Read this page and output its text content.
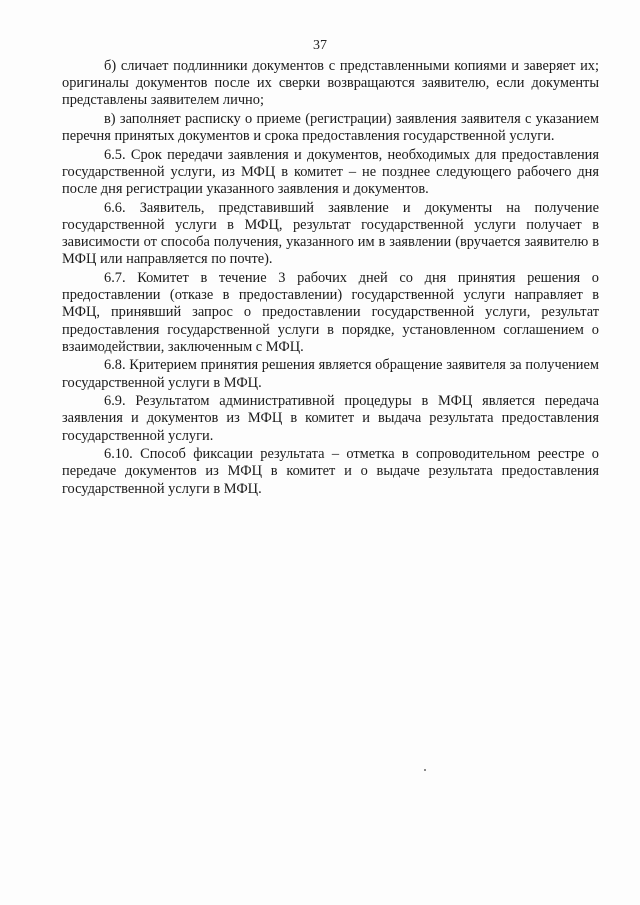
37

б) сличает подлинники документов с представленными копиями и заверяет их; оригиналы документов после их сверки возвращаются заявителю, если документы представлены заявителем лично;

в) заполняет расписку о приеме (регистрации) заявления заявителя с указанием перечня принятых документов и срока предоставления государственной услуги.

6.5. Срок передачи заявления и документов, необходимых для предоставления государственной услуги, из МФЦ в комитет – не позднее следующего рабочего дня после дня регистрации указанного заявления и документов.

6.6. Заявитель, представивший заявление и документы на получение государственной услуги в МФЦ, результат государственной услуги получает в зависимости от способа получения, указанного им в заявлении (вручается заявителю в МФЦ или направляется по почте).

6.7. Комитет в течение 3 рабочих дней со дня принятия решения о предоставлении (отказе в предоставлении) государственной услуги направляет в МФЦ, принявший запрос о предоставлении государственной услуги, результат предоставления государственной услуги в порядке, установленном соглашением о взаимодействии, заключенным с МФЦ.

6.8. Критерием принятия решения является обращение заявителя за получением государственной услуги в МФЦ.

6.9. Результатом административной процедуры в МФЦ является передача заявления и документов из МФЦ в комитет и выдача результата предоставления государственной услуги.

6.10. Способ фиксации результата – отметка в сопроводительном реестре о передаче документов из МФЦ в комитет и о выдаче результата предоставления государственной услуги в МФЦ.
